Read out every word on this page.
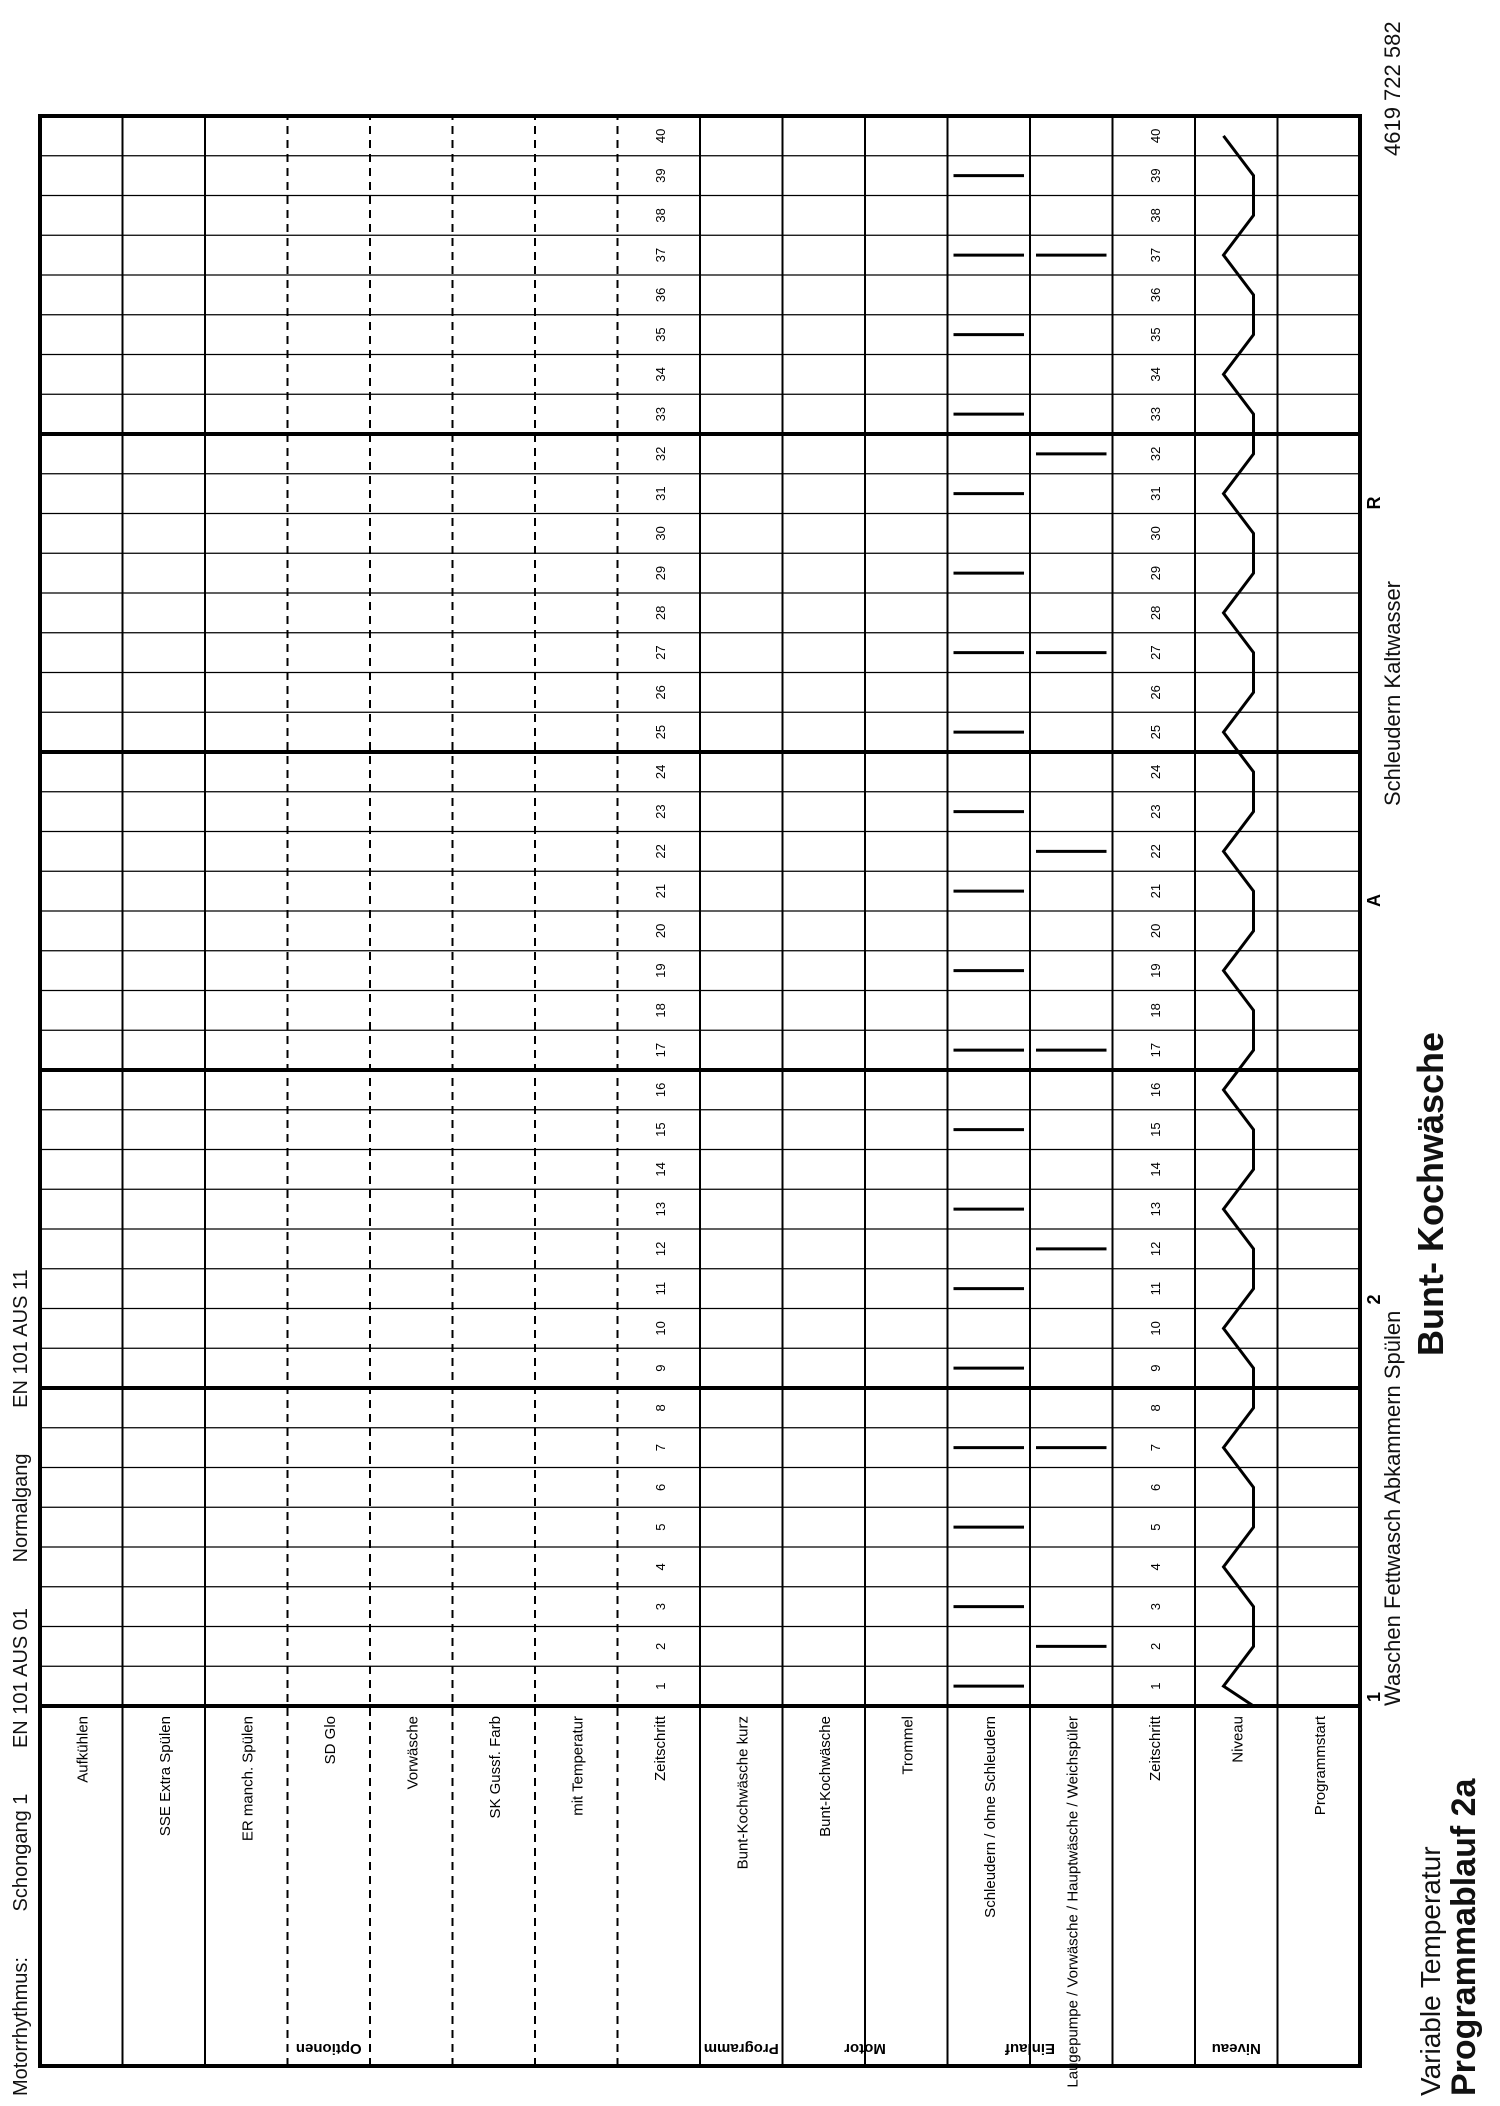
Programmablauf 2a
Variable Temperatur
Bunt- Kochwäsche
Waschen Fettwasch Abkammern Spülen
Schleudern Kaltwasser
4619 722 582
Motorrhythmus: Schongang 1 EN 101 AUS 01 Normalgang EN 101 AUS 11
Programmstart
Niveau
Zeitschritt
Laugepumpe / Vorwäsche / Hauptwäsche / Weichspüler
Schleudern / ohne Schleudern
Trommel
Bunt-Kochwäsche
Bunt-Kochwäsche kurz
Zeitschritt
mit Temperatur
SK Gussf. Farb
Vorwäsche
SD Glo
ER manch. Spülen
SSE Extra Spülen
Aufkühlen
1
1
2
2
3
3
4
4
5
5
6
6
7
7
8
8
9
9
10
10
11
11
12
12
13
13
14
14
15
15
16
16
17
17
18
18
19
19
20
20
21
21
22
22
23
23
24
24
25
25
26
26
27
27
28
28
29
29
30
30
31
31
32
32
33
33
34
34
35
35
36
36
37
37
38
38
39
39
40
40
1
2
A
R
Niveau
Einlauf
Motor
Programm
Optionen
